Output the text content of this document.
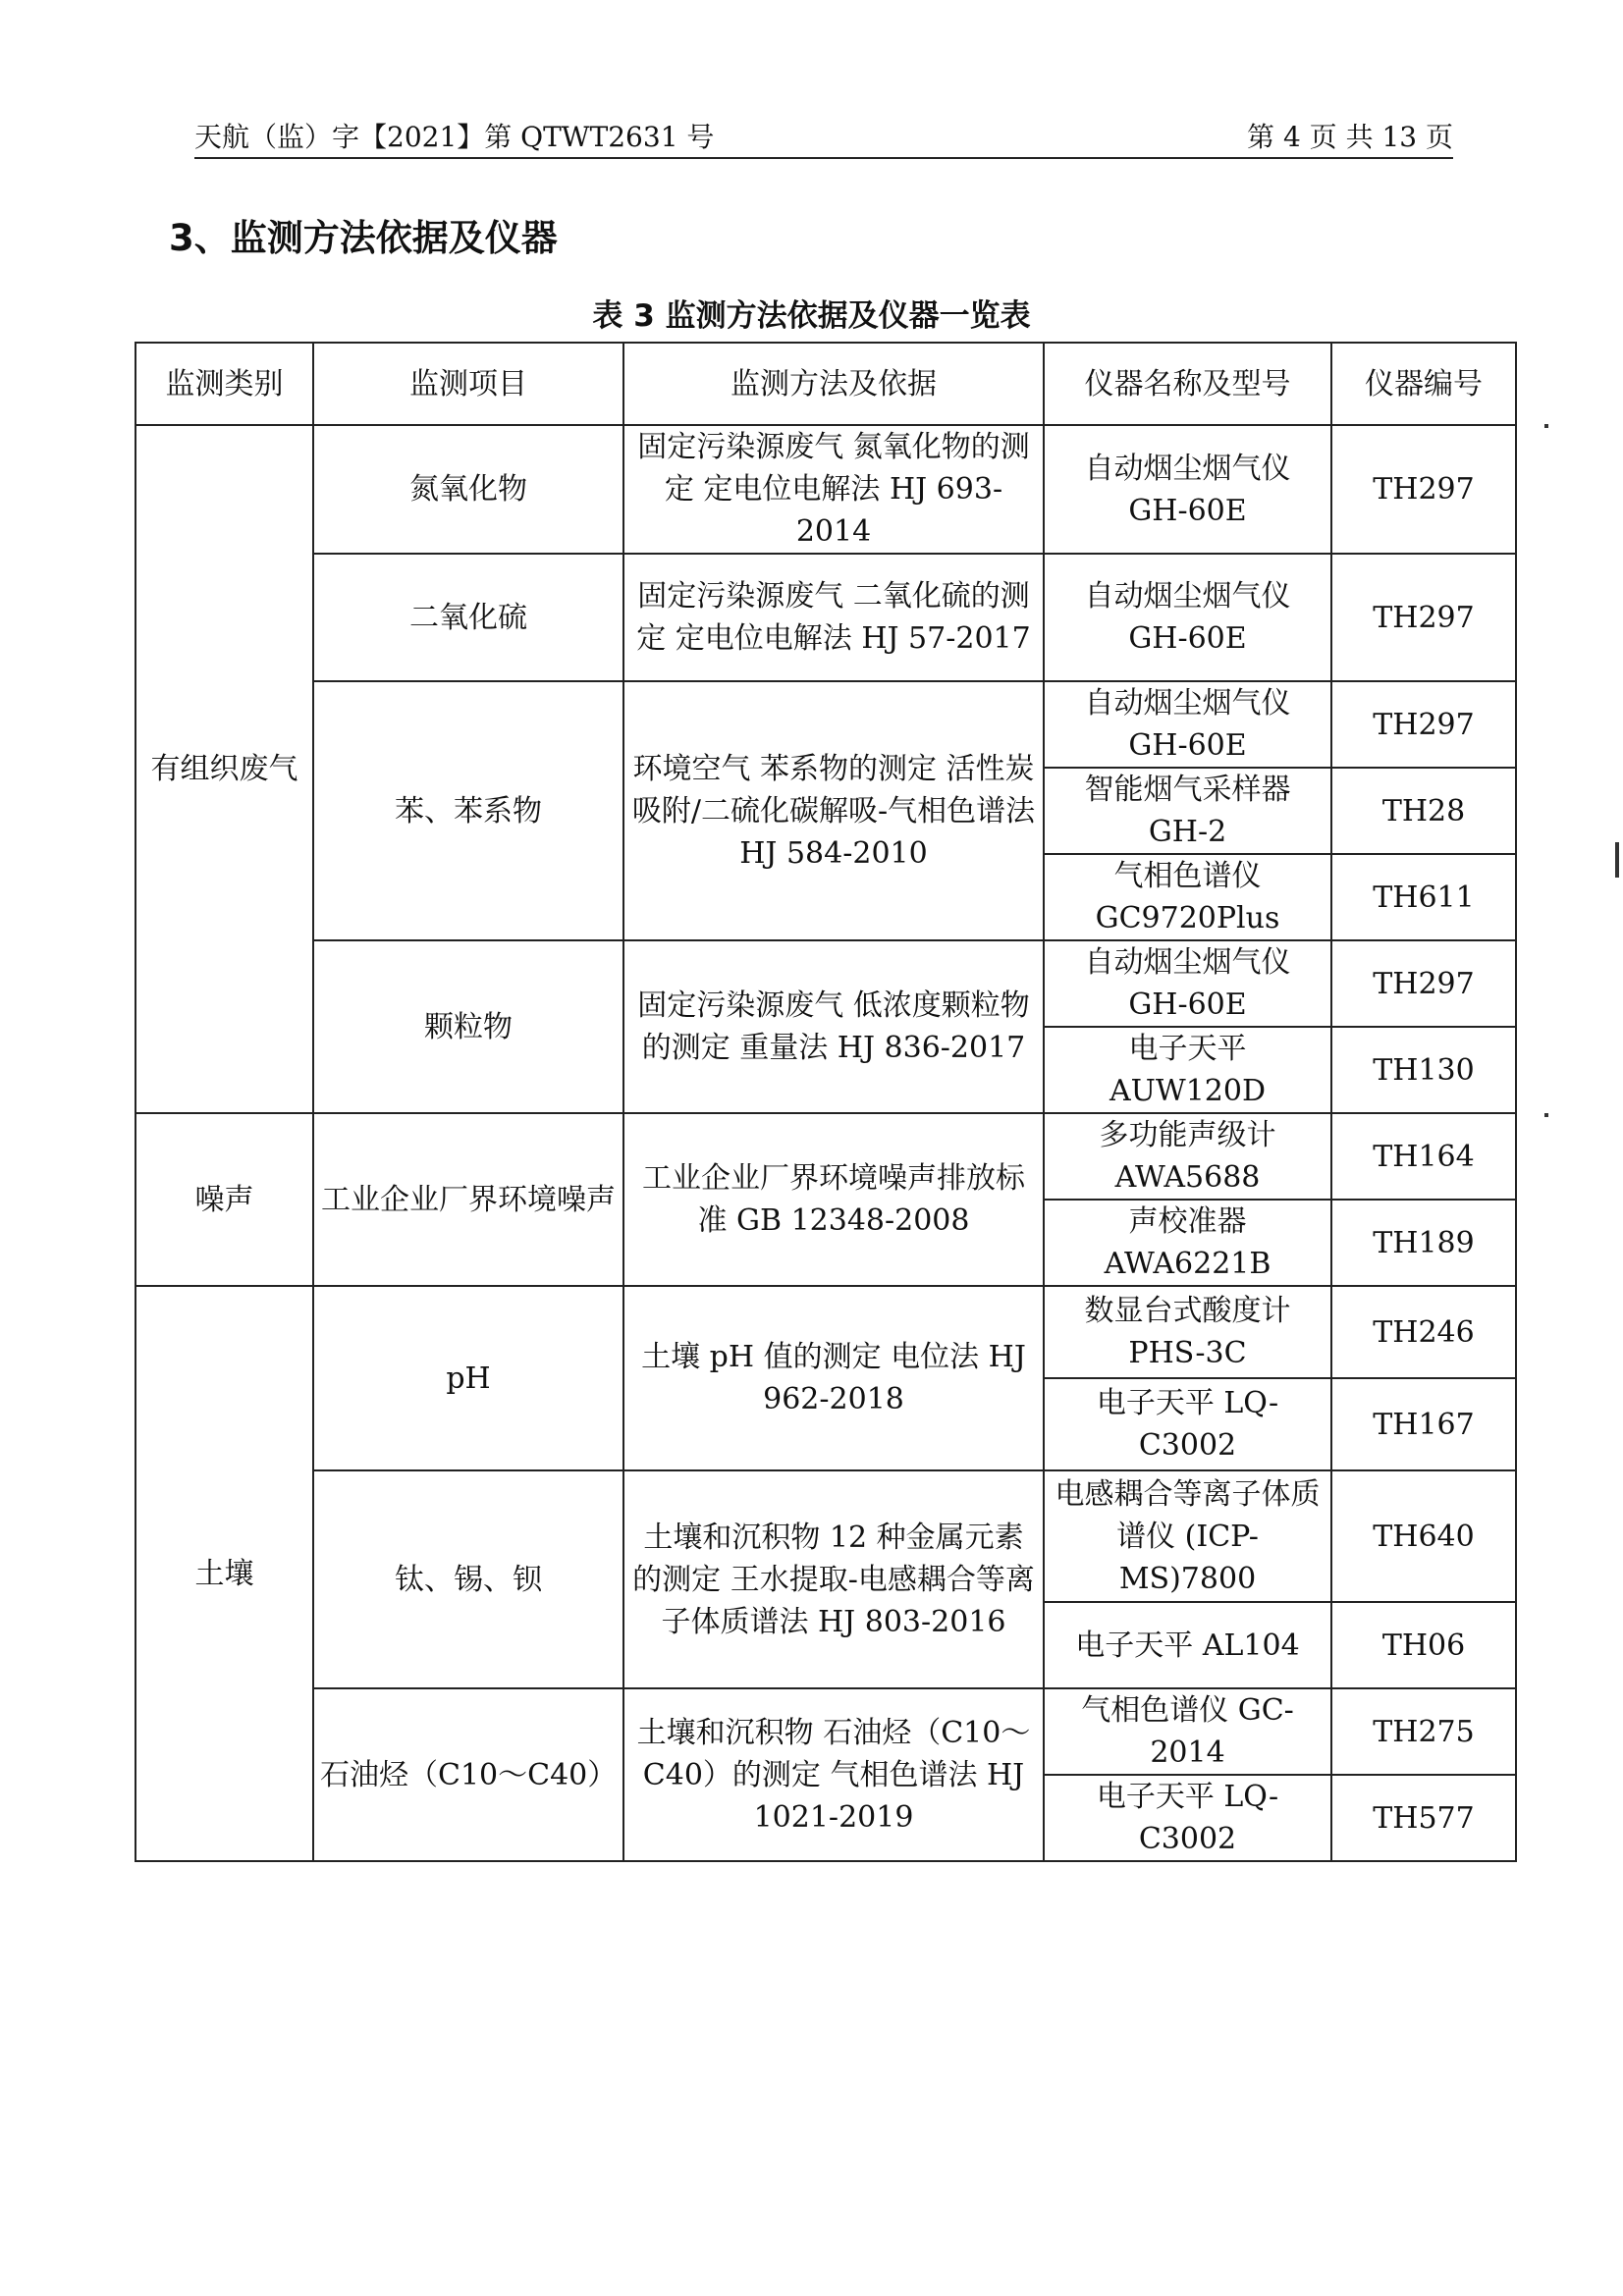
天航（监）字【2021】第 QTWT2631 号	第 4 页 共 13 页
3、监测方法依据及仪器
表 3 监测方法依据及仪器一览表
监测类别	监测项目	监测方法及依据	仪器名称及型号	仪器编号
有组织废气	氮氧化物	固定污染源废气 氮氧化物的测定 定电位电解法 HJ 693-2014	自动烟尘烟气仪 GH-60E	TH297
	二氧化硫	固定污染源废气 二氧化硫的测定 定电位电解法 HJ 57-2017	自动烟尘烟气仪 GH-60E	TH297
	苯、苯系物	环境空气 苯系物的测定 活性炭吸附/二硫化碳解吸-气相色谱法 HJ 584-2010	自动烟尘烟气仪 GH-60E	TH297
			智能烟气采样器 GH-2	TH28
			气相色谱仪 GC9720Plus	TH611
	颗粒物	固定污染源废气 低浓度颗粒物的测定 重量法 HJ 836-2017	自动烟尘烟气仪 GH-60E	TH297
			电子天平 AUW120D	TH130
噪声	工业企业厂界环境噪声	工业企业厂界环境噪声排放标准 GB 12348-2008	多功能声级计 AWA5688	TH164
			声校准器 AWA6221B	TH189
土壤	pH	土壤 pH 值的测定 电位法 HJ 962-2018	数显台式酸度计 PHS-3C	TH246
			电子天平 LQ-C3002	TH167
	钛、锡、钡	土壤和沉积物 12 种金属元素的测定 王水提取-电感耦合等离子体质谱法 HJ 803-2016	电感耦合等离子体质谱仪 (ICP-MS)7800	TH640
			电子天平 AL104	TH06
	石油烃（C10～C40）	土壤和沉积物 石油烃（C10～C40）的测定 气相色谱法 HJ 1021-2019	气相色谱仪 GC-2014	TH275
			电子天平 LQ-C3002	TH577
